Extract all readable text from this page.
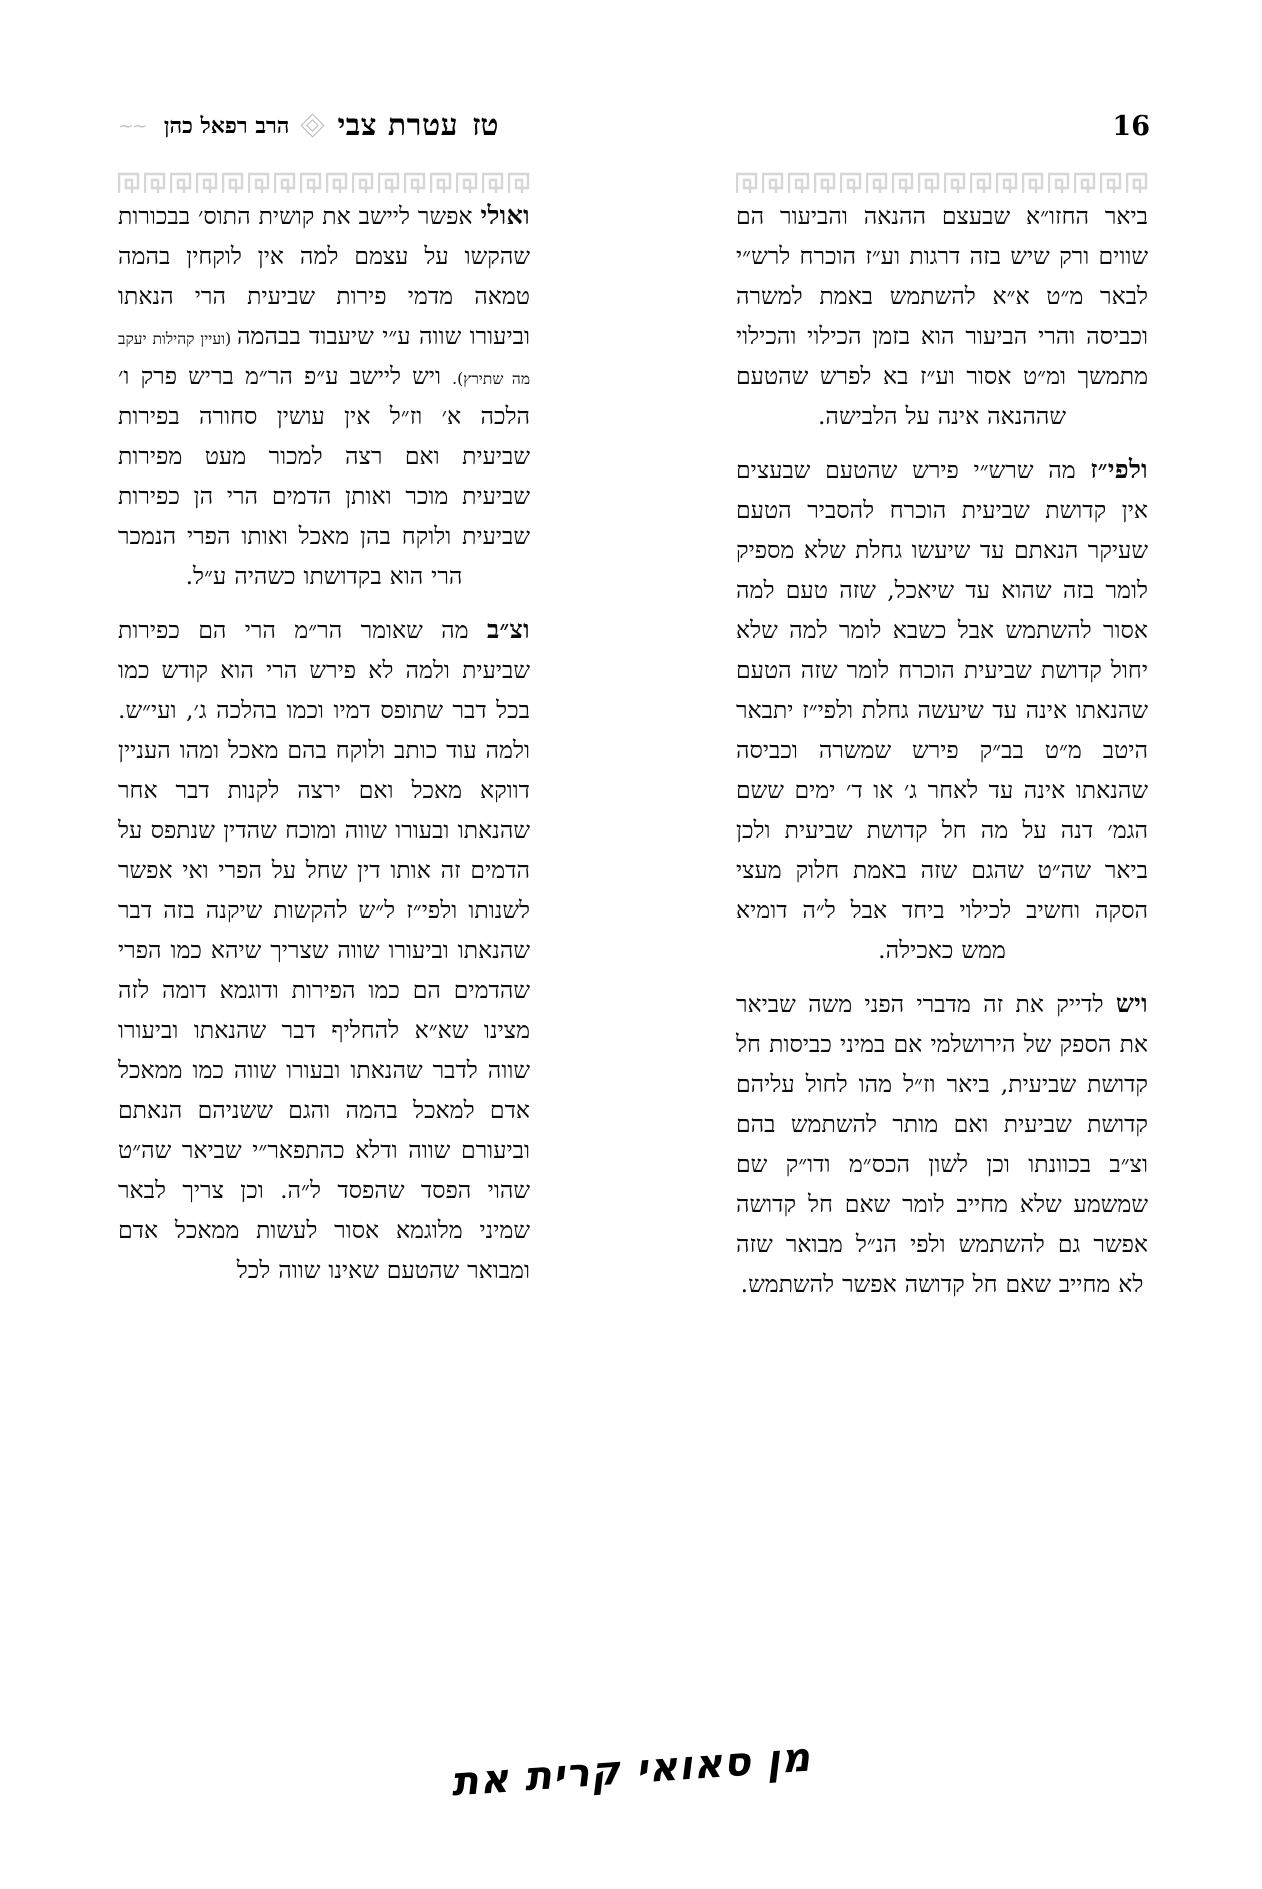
טז
עטרת צבי
הרב רפאל כהן
~~	16

ביאר החזו״א שבעצם ההנאה והביעור הם שווים ורק שיש בזה דרגות וע״ז הוכרח לרש״י לבאר מ״ט א״א להשתמש באמת למשרה וכביסה והרי הביעור הוא בזמן הכילוי והכילוי מתמשך ומ״ט אסור וע״ז בא לפרש שהטעם שההנאה אינה על הלבישה.

ולפי״ז מה שרש״י פירש שהטעם שבעצים אין קדושת שביעית הוכרח להסביר הטעם שעיקר הנאתם עד שיעשו גחלת שלא מספיק לומר בזה שהוא עד שיאכל, שזה טעם למה אסור להשתמש אבל כשבא לומר למה שלא יחול קדושת שביעית הוכרח לומר שזה הטעם שהנאתו אינה עד שיעשה גחלת ולפי״ז יתבאר היטב מ״ט בב״ק פירש שמשרה וכביסה שהנאתו אינה עד לאחר ג׳ או ד׳ ימים ששם הגמ׳ דנה על מה חל קדושת שביעית ולכן ביאר שה״ט שהגם שזה באמת חלוק מעצי הסקה וחשיב לכילוי ביחד אבל ל״ה דומיא ממש כאכילה.

ויש לדייק את זה מדברי הפני משה שביאר את הספק של הירושלמי אם במיני כביסות חל קדושת שביעית, ביאר וז״ל מהו לחול עליהם קדושת שביעית ואם מותר להשתמש בהם וצ״ב בכוונתו וכן לשון הכס״מ ודו״ק שם שמשמע שלא מחייב לומר שאם חל קדושה אפשר גם להשתמש ולפי הנ״ל מבואר שזה לא מחייב שאם חל קדושה אפשר להשתמש.

ואולי אפשר ליישב את קושית התוס׳ בבכורות שהקשו על עצמם למה אין לוקחין בהמה טמאה מדמי פירות שביעית הרי הנאתו וביעורו שווה ע״י שיעבוד בבהמה (ועיין קהילות יעקב מה שתירץ). ויש ליישב ע״פ הר״מ בריש פרק ו׳ הלכה א׳ וז״ל אין עושין סחורה בפירות שביעית ואם רצה למכור מעט מפירות שביעית מוכר ואותן הדמים הרי הן כפירות שביעית ולוקח בהן מאכל ואותו הפרי הנמכר הרי הוא בקדושתו כשהיה ע״ל.

וצ״ב מה שאומר הר״מ הרי הם כפירות שביעית ולמה לא פירש הרי הוא קודש כמו בכל דבר שתופס דמיו וכמו בהלכה ג׳, ועי״ש. ולמה עוד כותב ולוקח בהם מאכל ומהו העניין דווקא מאכל ואם ירצה לקנות דבר אחר שהנאתו ובעורו שווה ומוכח שהדין שנתפס על הדמים זה אותו דין שחל על הפרי ואי אפשר לשנותו ולפי״ז ל״ש להקשות שיקנה בזה דבר שהנאתו וביעורו שווה שצריך שיהא כמו הפרי שהדמים הם כמו הפירות ודוגמא דומה לזה מצינו שא״א להחליף דבר שהנאתו וביעורו שווה לדבר שהנאתו ובעורו שווה כמו ממאכל אדם למאכל בהמה והגם ששניהם הנאתם וביעורם שווה ודלא כהתפאר״י שביאר שה״ט שהוי הפסד שהפסד ל״ה. וכן צריך לבאר שמיני מלוגמא אסור לעשות ממאכל אדם ומבואר שהטעם שאינו שווה לכל

מן סאואי קרית את
